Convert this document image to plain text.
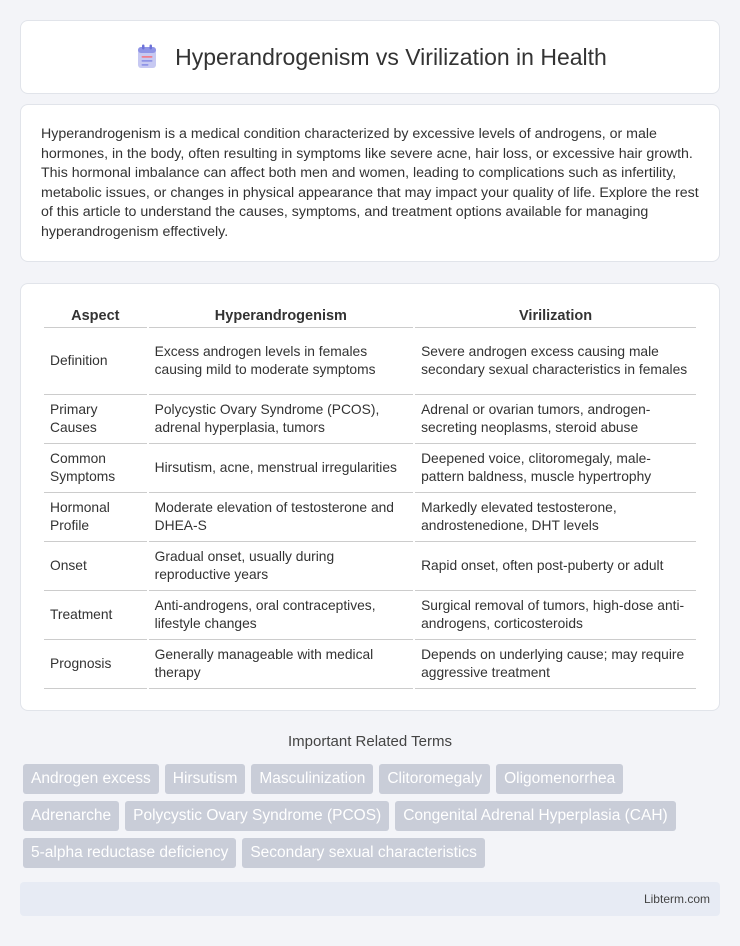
Hyperandrogenism vs Virilization in Health

Hyperandrogenism is a medical condition characterized by excessive levels of androgens, or male hormones, in the body, often resulting in symptoms like severe acne, hair loss, or excessive hair growth. This hormonal imbalance can affect both men and women, leading to complications such as infertility, metabolic issues, or changes in physical appearance that may impact your quality of life. Explore the rest of this article to understand the causes, symptoms, and treatment options available for managing hyperandrogenism effectively.

Aspect	Hyperandrogenism	Virilization
Definition	Excess androgen levels in females causing mild to moderate symptoms	Severe androgen excess causing male secondary sexual characteristics in females
Primary Causes	Polycystic Ovary Syndrome (PCOS), adrenal hyperplasia, tumors	Adrenal or ovarian tumors, androgen-secreting neoplasms, steroid abuse
Common Symptoms	Hirsutism, acne, menstrual irregularities	Deepened voice, clitoromegaly, male-pattern baldness, muscle hypertrophy
Hormonal Profile	Moderate elevation of testosterone and DHEA-S	Markedly elevated testosterone, androstenedione, DHT levels
Onset	Gradual onset, usually during reproductive years	Rapid onset, often post-puberty or adult
Treatment	Anti-androgens, oral contraceptives, lifestyle changes	Surgical removal of tumors, high-dose anti-androgens, corticosteroids
Prognosis	Generally manageable with medical therapy	Depends on underlying cause; may require aggressive treatment
Important Related Terms
Androgen excess	Hirsutism	Masculinization	Clitoromegaly	Oligomenorrhea
Adrenarche	Polycystic Ovary Syndrome (PCOS)	Congenital Adrenal Hyperplasia (CAH)
5-alpha reductase deficiency	Secondary sexual characteristics
Libterm.com
